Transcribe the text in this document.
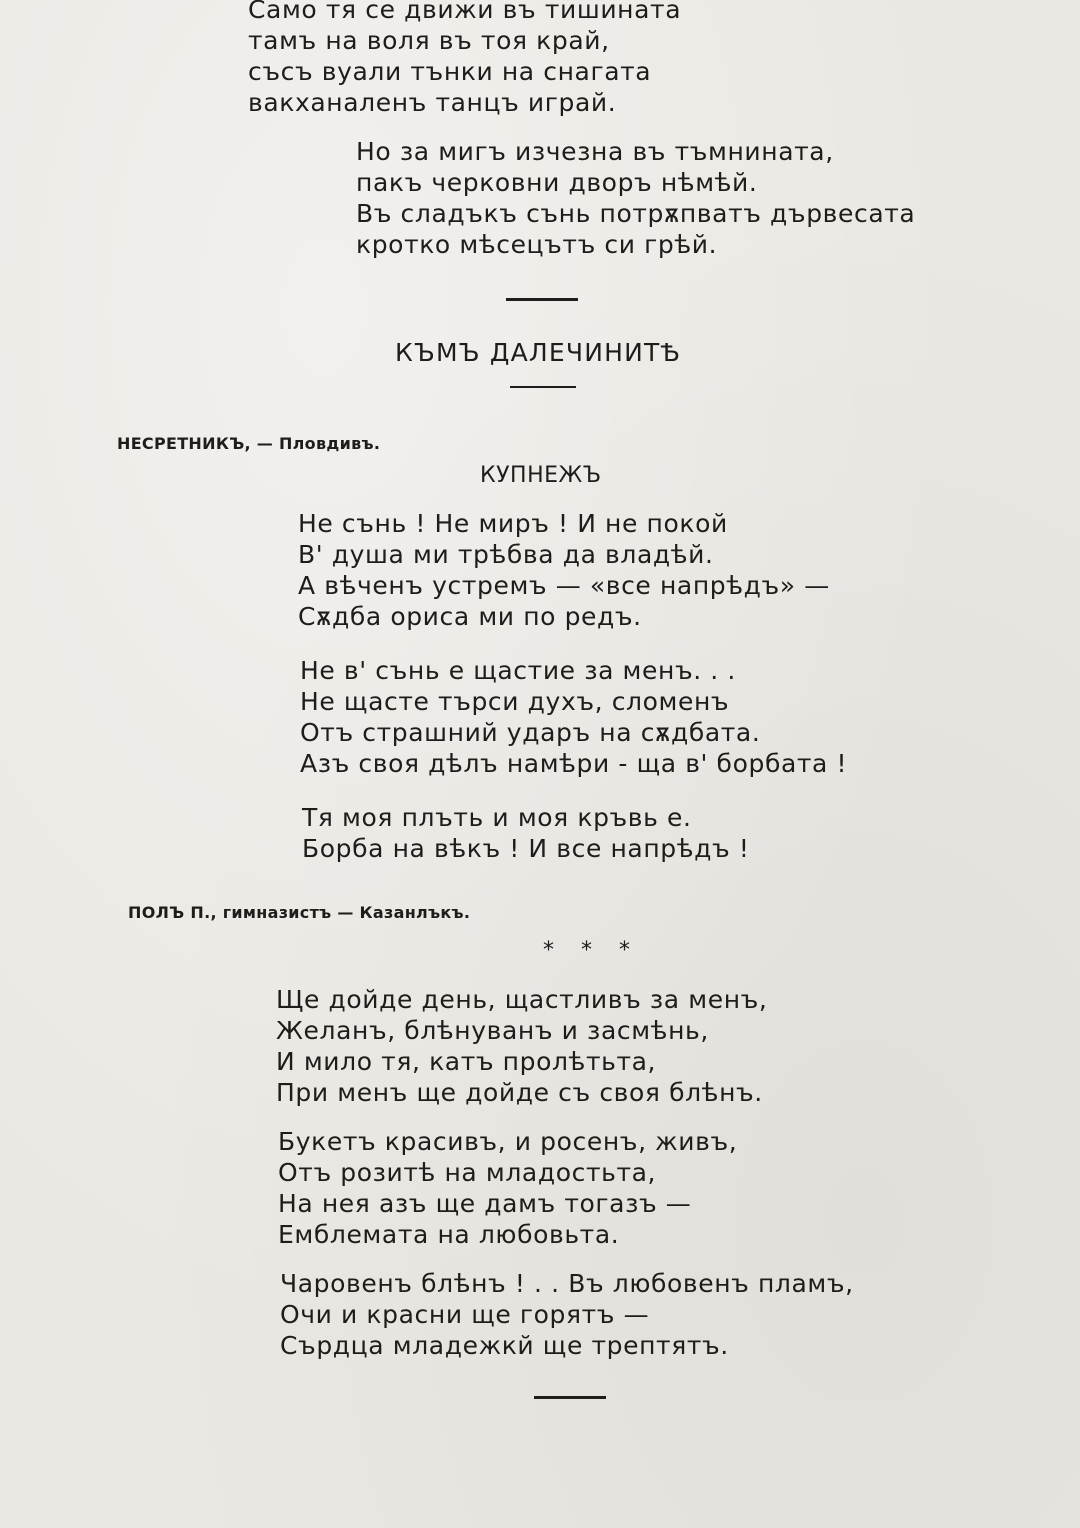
Само тя се движи въ тишината
тамъ на воля въ тоя край,
съсъ вуали тънки на снагата
вакханаленъ танцъ играй.
Но за мигъ изчезна въ тъмнината,
пакъ черковни дворъ нѣмѣй.
Въ сладъкъ сънь потрѫпватъ дървесата
кротко мѣсецътъ си грѣй.
КЪМЪ ДАЛЕЧИНИТѢ
НЕСРЕТНИКЪ, — Пловдивъ.
КУПНЕЖЪ
Не сънь ! Не миръ ! И не покой
В' душа ми трѣбва да владѣй.
А вѣченъ устремъ — «все напрѣдъ» —
Сѫдба ориса ми по редъ.
Не в' сънь е щастие за менъ. . .
Не щасте търси духъ, сломенъ
Отъ страшний ударъ на сѫдбата.
Азъ своя дѣлъ намѣри - ща в' борбата !
Тя моя плъть и моя кръвь е.
Борба на вѣкъ ! И все напрѣдъ !
ПОЛЪ П., гимназистъ — Казанлъкъ.
* * *
Ще дойде день, щастливъ за менъ,
Желанъ, блѣнуванъ и засмѣнь,
И мило тя, катъ пролѣтьта,
При менъ ще дойде съ своя блѣнъ.
Букетъ красивъ, и росенъ, живъ,
Отъ розитѣ на младостьта,
На нея азъ ще дамъ тогазъ —
Емблемата на любовьта.
Чаровенъ блѣнъ ! . . Въ любовенъ пламъ,
Очи и красни ще горятъ —
Сърдца младежкй ще трептятъ.
